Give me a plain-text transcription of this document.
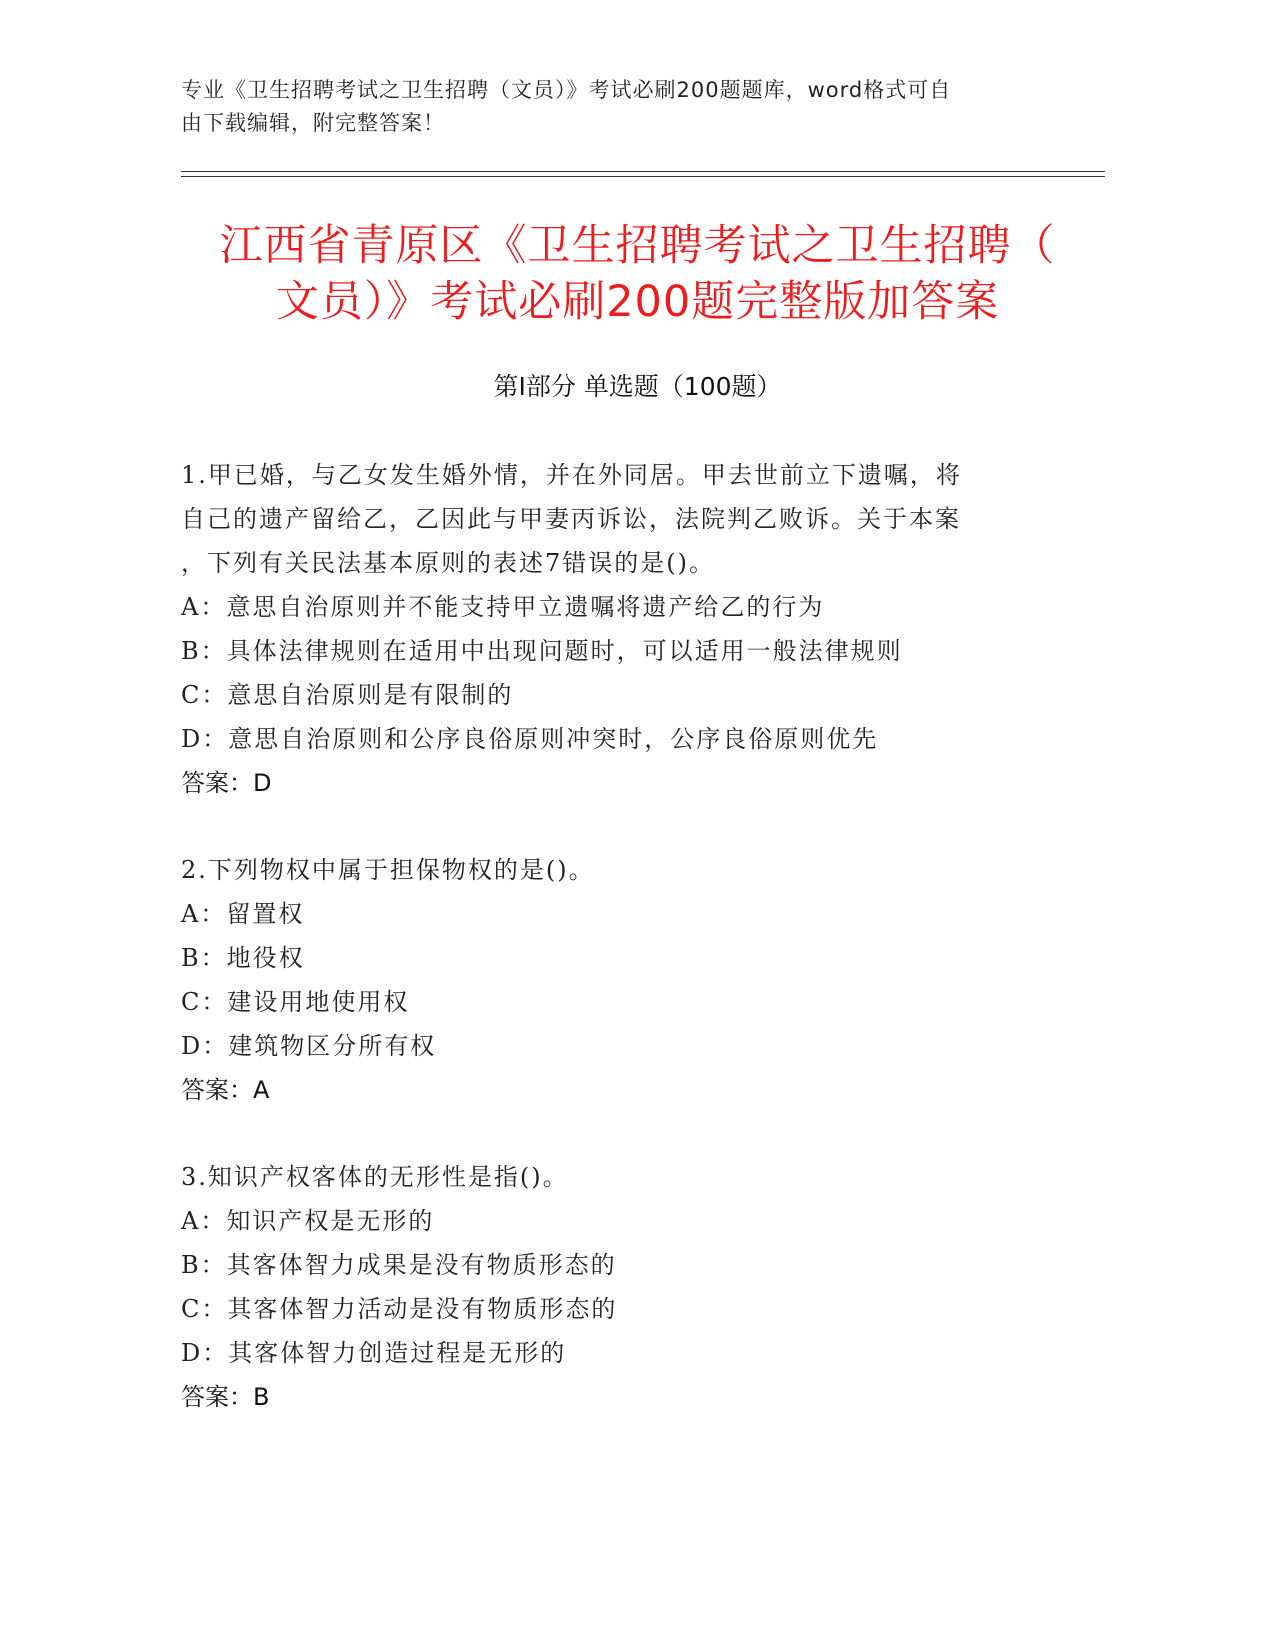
专业《卫生招聘考试之卫生招聘（文员）》考试必刷200题题库，word格式可自
由下载编辑，附完整答案！
江西省青原区《卫生招聘考试之卫生招聘（
文员）》考试必刷200题完整版加答案
第Ⅰ部分 单选题（100题）

1.甲已婚，与乙女发生婚外情，并在外同居。甲去世前立下遗嘱，将

自己的遗产留给乙，乙因此与甲妻丙诉讼，法院判乙败诉。关于本案

，下列有关民法基本原则的表述7错误的是()。

A：意思自治原则并不能支持甲立遗嘱将遗产给乙的行为

B：具体法律规则在适用中出现问题时，可以适用一般法律规则

C：意思自治原则是有限制的

D：意思自治原则和公序良俗原则冲突时，公序良俗原则优先

答案：D

2.下列物权中属于担保物权的是()。

A：留置权

B：地役权

C：建设用地使用权

D：建筑物区分所有权

答案：A

3.知识产权客体的无形性是指()。

A：知识产权是无形的

B：其客体智力成果是没有物质形态的

C：其客体智力活动是没有物质形态的

D：其客体智力创造过程是无形的

答案：B
